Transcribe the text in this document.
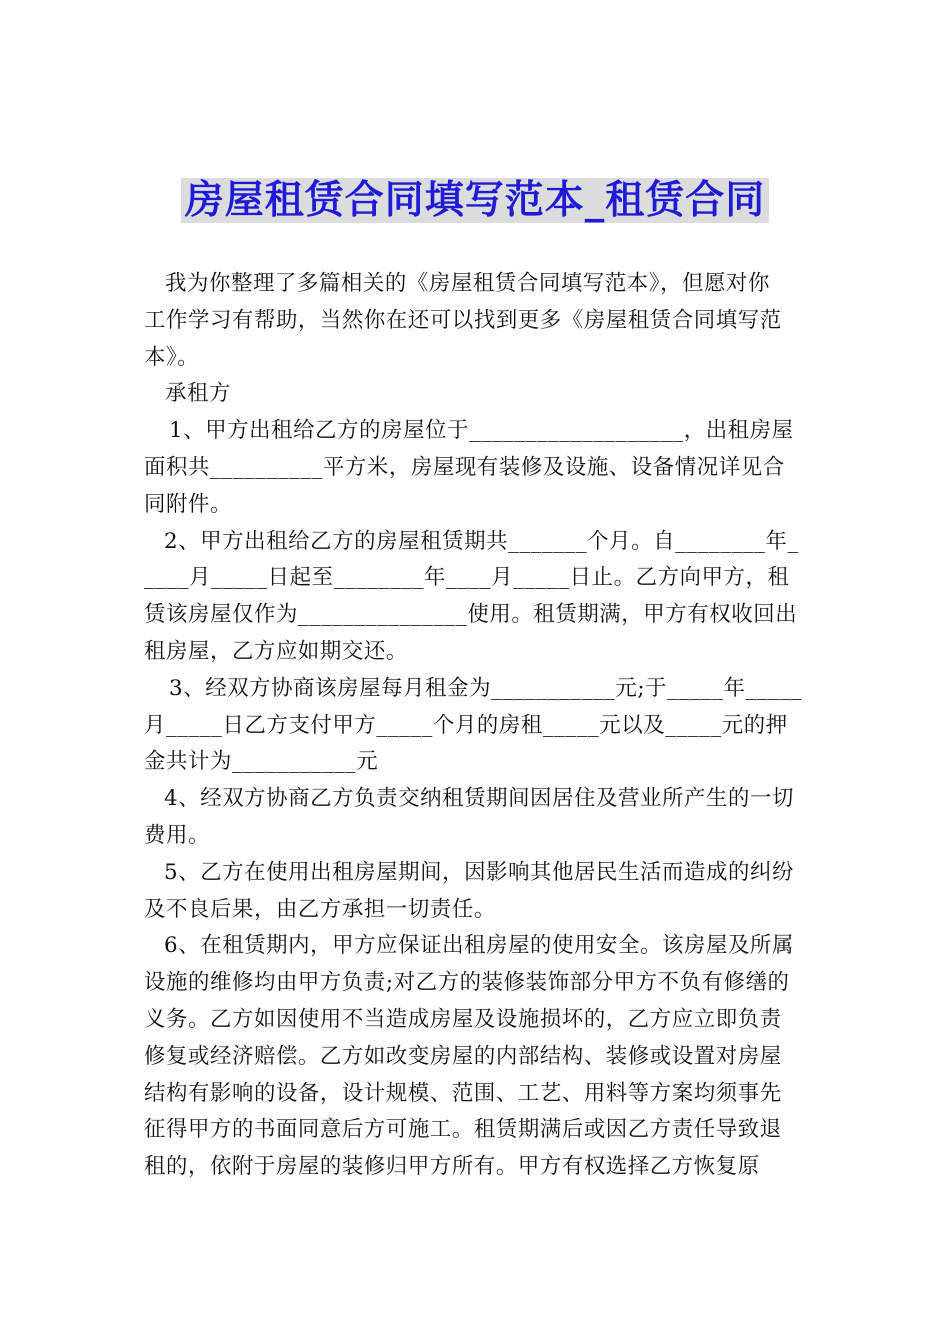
房屋租赁合同填写范本_租赁合同

我为你整理了多篇相关的《房屋租赁合同填写范本》，但愿对你
工作学习有帮助，当然你在还可以找到更多《房屋租赁合同填写范
本》。

承租方

1、甲方出租给乙方的房屋位于___________________，出租房屋
面积共__________平方米，房屋现有装修及设施、设备情况详见合
同附件。

2、甲方出租给乙方的房屋租赁期共_______个月。自________年_
____月_____日起至________年____月_____日止。乙方向甲方，租
赁该房屋仅作为_______________使用。租赁期满，甲方有权收回出
租房屋，乙方应如期交还。

3、经双方协商该房屋每月租金为___________元;于_____年_____
月_____日乙方支付甲方_____个月的房租_____元以及_____元的押
金共计为___________元

4、经双方协商乙方负责交纳租赁期间因居住及营业所产生的一切
费用。

5、乙方在使用出租房屋期间，因影响其他居民生活而造成的纠纷
及不良后果，由乙方承担一切责任。

6、在租赁期内，甲方应保证出租房屋的使用安全。该房屋及所属
设施的维修均由甲方负责;对乙方的装修装饰部分甲方不负有修缮的
义务。乙方如因使用不当造成房屋及设施损坏的，乙方应立即负责
修复或经济赔偿。乙方如改变房屋的内部结构、装修或设置对房屋
结构有影响的设备，设计规模、范围、工艺、用料等方案均须事先
征得甲方的书面同意后方可施工。租赁期满后或因乙方责任导致退
租的，依附于房屋的装修归甲方所有。甲方有权选择乙方恢复原
